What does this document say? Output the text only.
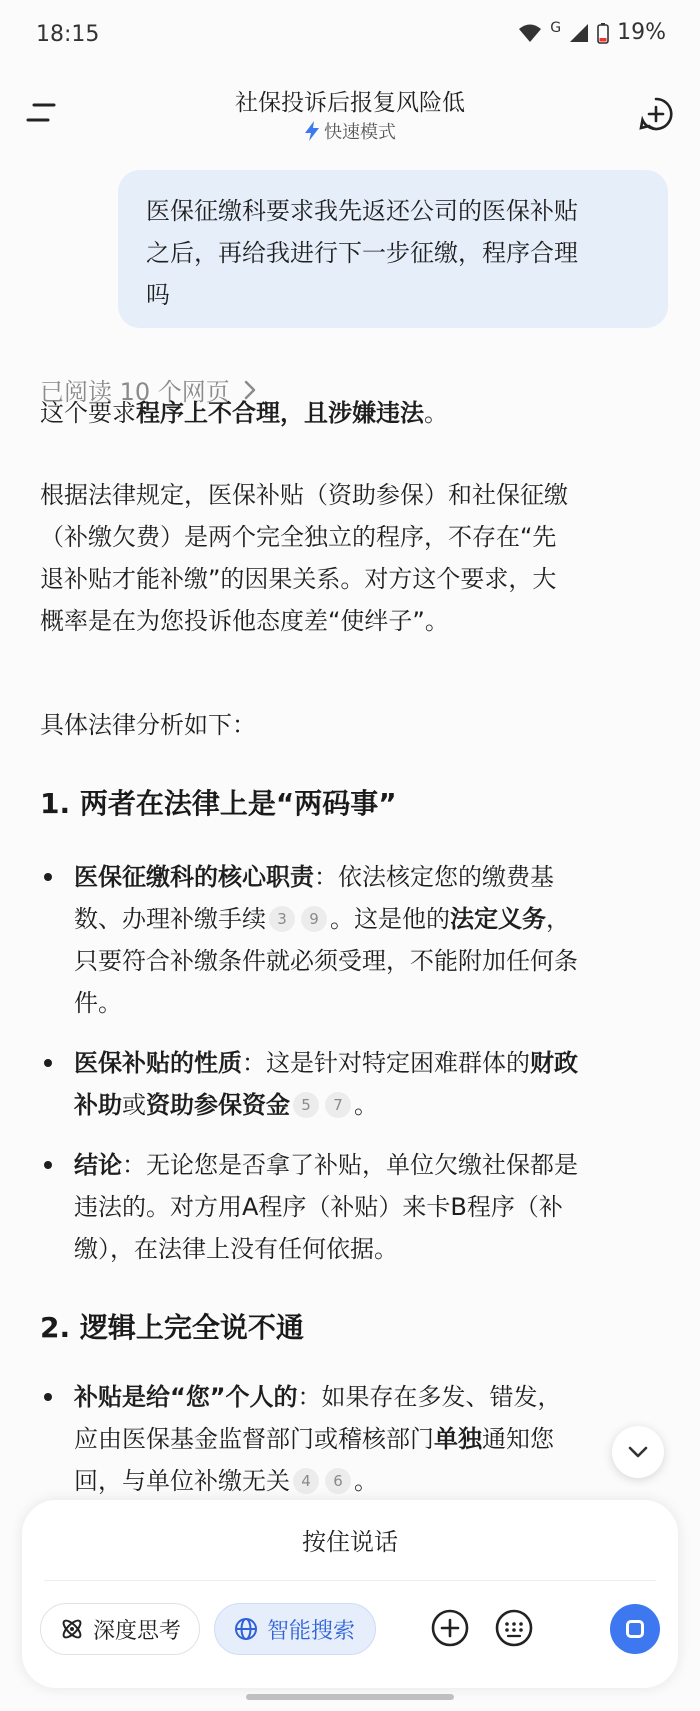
18:15	G	19%
社保投诉后报复风险低
快速模式
医保征缴科要求我先返还公司的医保补贴
之后，再给我进行下一步征缴，程序合理
吗
已阅读 10 个网页
这个要求程序上不合理，且涉嫌违法。
根据法律规定，医保补贴（资助参保）和社保征缴
（补缴欠费）是两个完全独立的程序，不存在“先
退补贴才能补缴”的因果关系。对方这个要求，大
概率是在为您投诉他态度差“使绊子”。
具体法律分析如下：
1. 两者在法律上是“两码事”
医保征缴科的核心职责：依法核定您的缴费基
数、办理补缴手续 3 9 。这是他的法定义务，
只要符合补缴条件就必须受理，不能附加任何条
件。
医保补贴的性质：这是针对特定困难群体的财政
补助或资助参保资金 5 7 。
结论：无论您是否拿了补贴，单位欠缴社保都是
违法的。对方用A程序（补贴）来卡B程序（补
缴），在法律上没有任何依据。
2. 逻辑上完全说不通
补贴是给“您”个人的：如果存在多发、错发，
应由医保基金监督部门或稽核部门单独通知您
回，与单位补缴无关 4 6 。
按住说话
深度思考	智能搜索
